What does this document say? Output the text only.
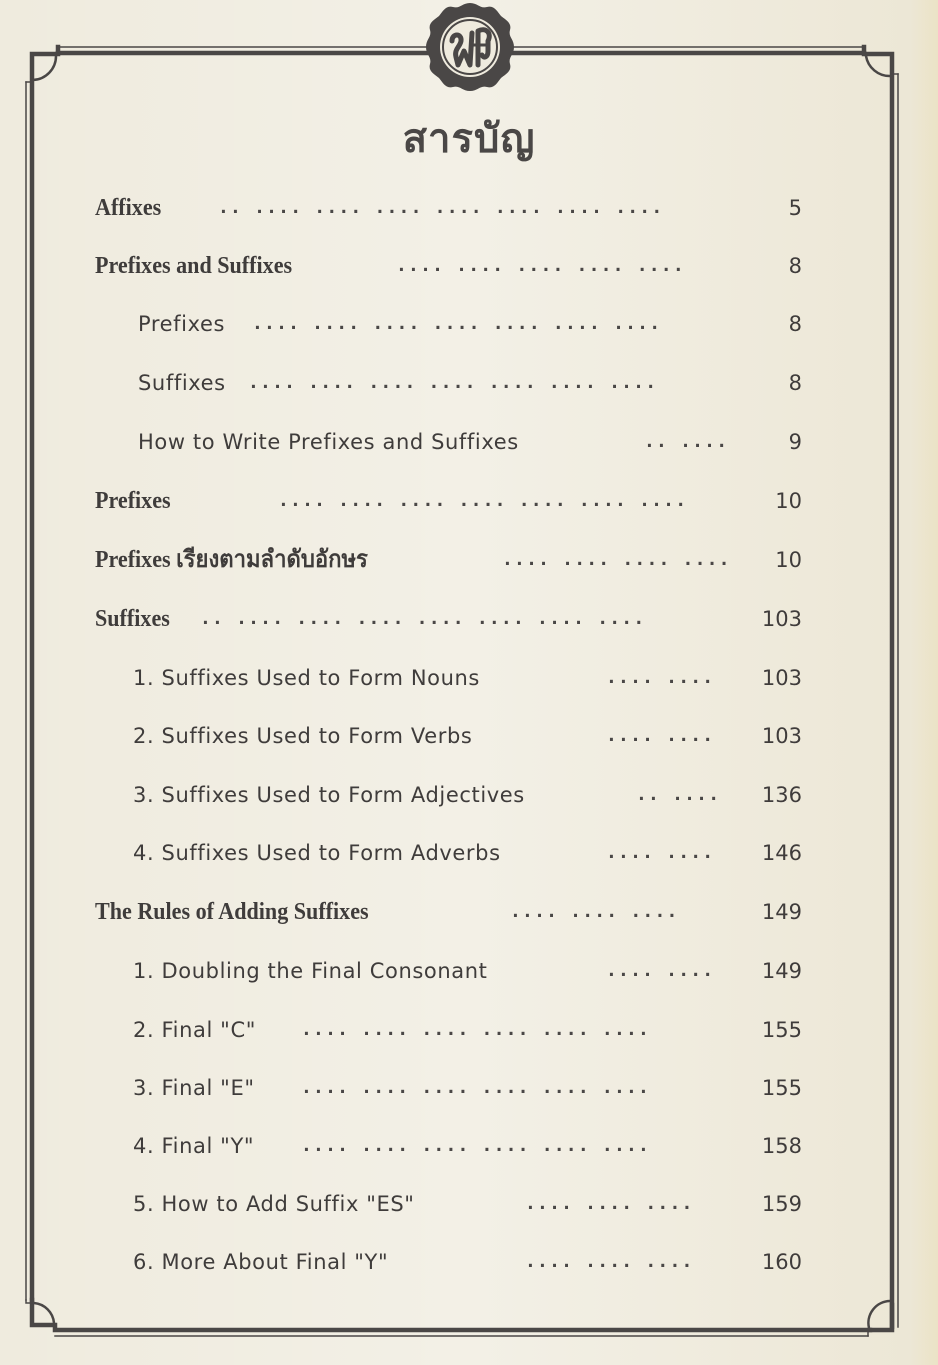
สารบัญ
Affixes	.. .... .... .... .... .... .... ....	5
Prefixes and Suffixes	.... .... .... .... ....	8
Prefixes .... .... .... .... .... .... ....	8
Suffixes .... .... .... .... .... .... ....	8
How to Write Prefixes and Suffixes	.. ....	9
Prefixes	.... .... .... .... .... .... ....	10
Prefixes เรียงตามลำดับอักษร	.... .... .... .... 10
Suffixes .. .... .... .... .... .... .... ....	103
1. Suffixes Used to Form Nouns	.... .... 103
2. Suffixes Used to Form Verbs	.... .... 103
3. Suffixes Used to Form Adjectives	.. .... 136
4. Suffixes Used to Form Adverbs	.... .... 146
The Rules of Adding Suffixes	.... .... ....	149
1. Doubling the Final Consonant	.... .... 149
2. Final "C"	.... .... .... .... .... ....	155
3. Final "E"	.... .... .... .... .... ....	155
4. Final "Y"	.... .... .... .... .... ....	158
5. How to Add Suffix "ES"	.... .... ....	159
6. More About Final "Y"	.... .... ....	160
